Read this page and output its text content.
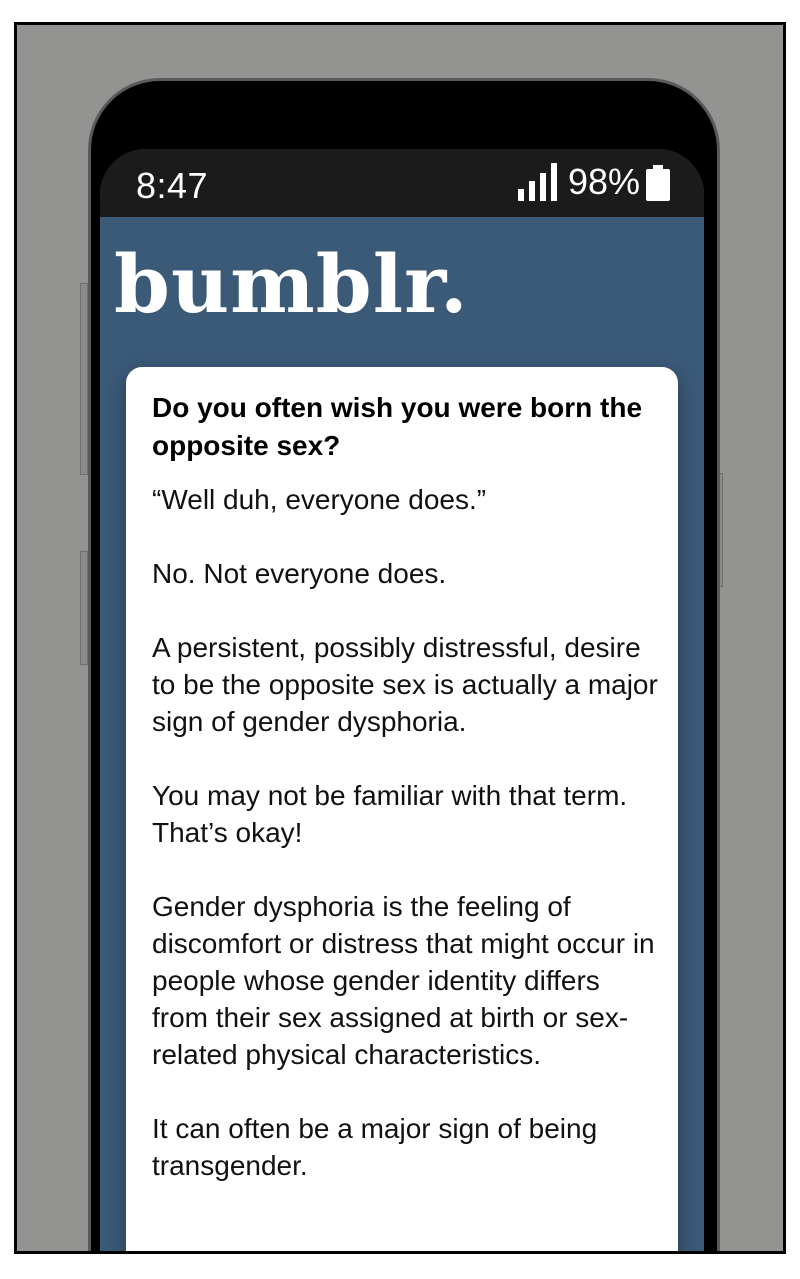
8:47	98%
bumblr.
Do you often wish you were born the opposite sex?

“Well duh, everyone does.”

No. Not everyone does.

A persistent, possibly distressful, desire to be the opposite sex is actually a major sign of gender dysphoria.

You may not be familiar with that term. That’s okay!

Gender dysphoria is the feeling of discomfort or distress that might occur in people whose gender identity differs from their sex assigned at birth or sex-related physical characteristics.

It can often be a major sign of being transgender.
